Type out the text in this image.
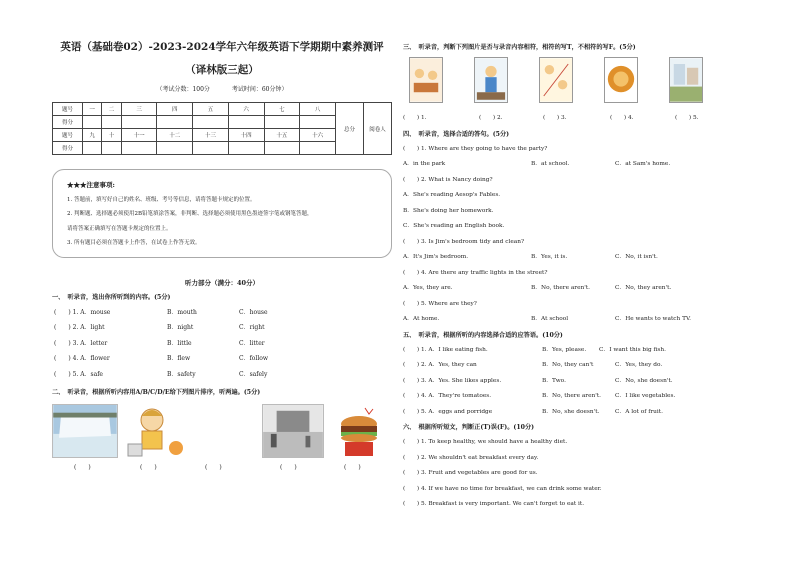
英语（基础卷02）-2023-2024学年六年级英语下学期期中素养测评
（译林版三起）
（考试分数：100分	考试时间：60分钟）
题号	一	二	三	四	五	六	七	八	总分	阅卷人
得分										
题号	九	十	十一	十二	十三	十四	十五	十六		
得分										
★★★注意事项:
1. 答题前，填写好自己的姓名、班级、考号等信息，请将答题卡规定的位置。
2. 判断题、选择题必须使用2B铅笔填涂答案，非判断、选择题必须使用黑色墨迹签字笔或钢笔答题，
请将答案正确填写在答题卡规定的位置上。
3. 所有题目必须在答题卡上作答，在试卷上作答无效。
听力部分（满分：40分）
一、　听录音，选出你所听到的内容。(5分)
(　　) 1. A．mouse	B．mouth	C．house
(　　) 2. A．light	B．night	C．right
(　　) 3. A．letter	B．little	C．litter
(　　) 4. A．flower	B．flew	C．follow
(　　) 5. A．safe	B．safety	C．safely
二、　听录音，根据所听内容用A/B/C/D/E给下列图片排序，听两遍。(5分)
(　　)	(　　)	(　　)	(　　)	(　　)
三、　听录音，判断下列图片是否与录音内容相符，相符的写T，不相符的写F。(5分)
(　　) 1.	(　　) 2.	(　　) 3.	(　　) 4.	(　　) 5.
四、　听录音，选择合适的答句。(5分)
(　　) 1. Where are they going to have the party?
A．in the park	B．at school.	C．at Sam's home.
(　　) 2. What is Nancy doing?
A．She's reading Aesop's Fables.
B．She's doing her homework.
C．She's reading an English book.
(　　) 3. Is Jim's bedroom tidy and clean?
A．It's Jim's bedroom.	B．Yes, it is.	C．No, it isn't.
(　　) 4. Are there any traffic lights in the street?
A．Yes, they are.	B．No, there aren't.	C．No, they aren't.
(　　) 5. Where are they?
A．At home.	B．At school	C．He wants to watch TV.
五、　听录音，根据所听的内容选择合适的应答语。(10分)
(　　) 1. A．I like eating fish.	B．Yes, please. C．I want this big fish.
(　　) 2. A．Yes, they can	B．No, they can't	C．Yes, they do.
(　　) 3. A．Yes. She likes apples.	B．Two.	C．No, she doesn't.
(　　) 4. A．They're tomatoes.	B．No, there aren't. C．I like vegetables.
(　　) 5. A．eggs and porridge	B．No, she doesn't.	C．A lot of fruit.
六、　根据所听短文，判断正(T)误(F)。(10分)
(　　) 1. To keep healthy, we should have a healthy diet.
(　　) 2. We shouldn't eat breakfast every day.
(　　) 3. Fruit and vegetables are good for us.
(　　) 4. If we have no time for breakfast, we can drink some water.
(　　) 5. Breakfast is very important. We can't forget to eat it.
